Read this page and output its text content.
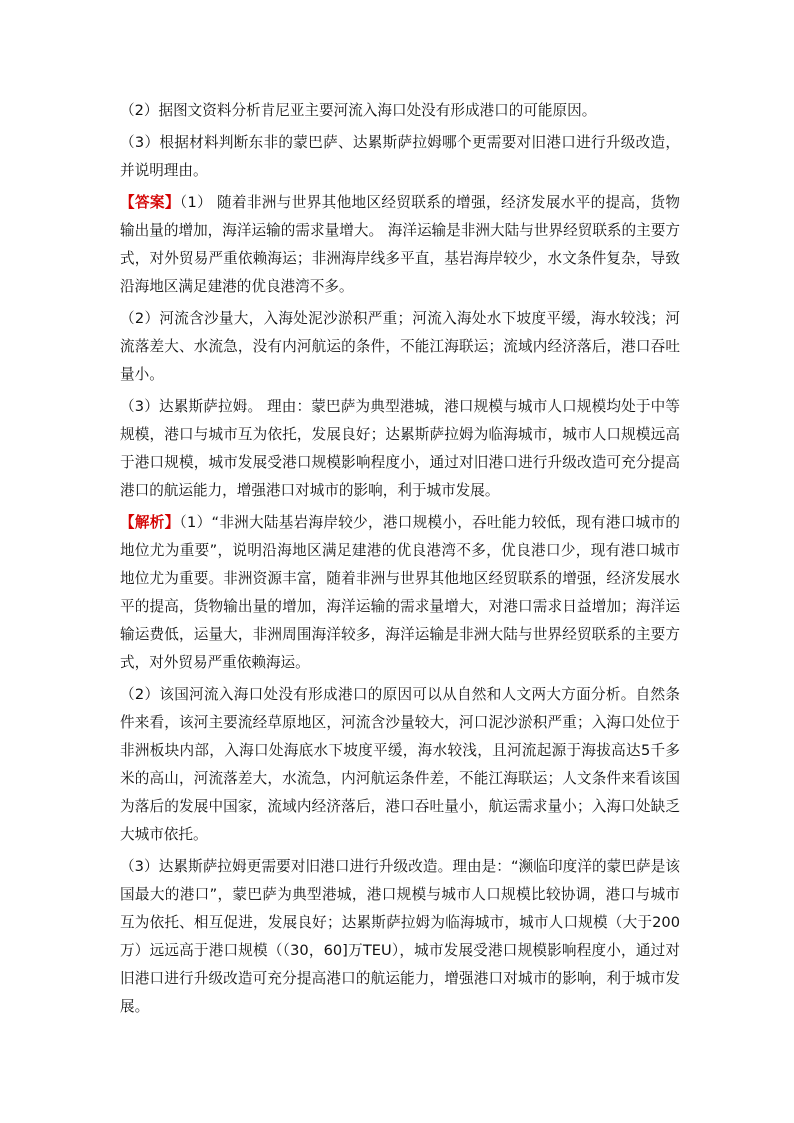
（2）据图文资料分析肯尼亚主要河流入海口处没有形成港口的可能原因。

（3）根据材料判断东非的蒙巴萨、达累斯萨拉姆哪个更需要对旧港口进行升级改造，并说明理由。

【答案】（1） 随着非洲与世界其他地区经贸联系的增强，经济发展水平的提高，货物输出量的增加，海洋运输的需求量增大。 海洋运输是非洲大陆与世界经贸联系的主要方式，对外贸易严重依赖海运；非洲海岸线多平直，基岩海岸较少，水文条件复杂，导致沿海地区满足建港的优良港湾不多。

（2）河流含沙量大，入海处泥沙淤积严重；河流入海处水下坡度平缓，海水较浅；河流落差大、水流急，没有内河航运的条件，不能江海联运；流域内经济落后，港口吞吐量小。

（3）达累斯萨拉姆。 理由：蒙巴萨为典型港城，港口规模与城市人口规模均处于中等规模，港口与城市互为依托，发展良好；达累斯萨拉姆为临海城市，城市人口规模远高于港口规模，城市发展受港口规模影响程度小，通过对旧港口进行升级改造可充分提高港口的航运能力，增强港口对城市的影响，利于城市发展。

【解析】（1）“非洲大陆基岩海岸较少，港口规模小，吞吐能力较低，现有港口城市的地位尤为重要”，说明沿海地区满足建港的优良港湾不多，优良港口少，现有港口城市地位尤为重要。非洲资源丰富，随着非洲与世界其他地区经贸联系的增强，经济发展水平的提高，货物输出量的增加，海洋运输的需求量增大，对港口需求日益增加；海洋运输运费低，运量大，非洲周围海洋较多，海洋运输是非洲大陆与世界经贸联系的主要方式，对外贸易严重依赖海运。

（2）该国河流入海口处没有形成港口的原因可以从自然和人文两大方面分析。自然条件来看，该河主要流经草原地区，河流含沙量较大，河口泥沙淤积严重；入海口处位于非洲板块内部，入海口处海底水下坡度平缓，海水较浅，且河流起源于海拔高达5千多米的高山，河流落差大，水流急，内河航运条件差，不能江海联运；人文条件来看该国为落后的发展中国家，流域内经济落后，港口吞吐量小，航运需求量小；入海口处缺乏大城市依托。

（3）达累斯萨拉姆更需要对旧港口进行升级改造。理由是：“濒临印度洋的蒙巴萨是该国最大的港口”，蒙巴萨为典型港城，港口规模与城市人口规模比较协调，港口与城市互为依托、相互促进，发展良好；达累斯萨拉姆为临海城市，城市人口规模（大于200万）远远高于港口规模（（30，60]万TEU），城市发展受港口规模影响程度小，通过对旧港口进行升级改造可充分提高港口的航运能力，增强港口对城市的影响，利于城市发展。
